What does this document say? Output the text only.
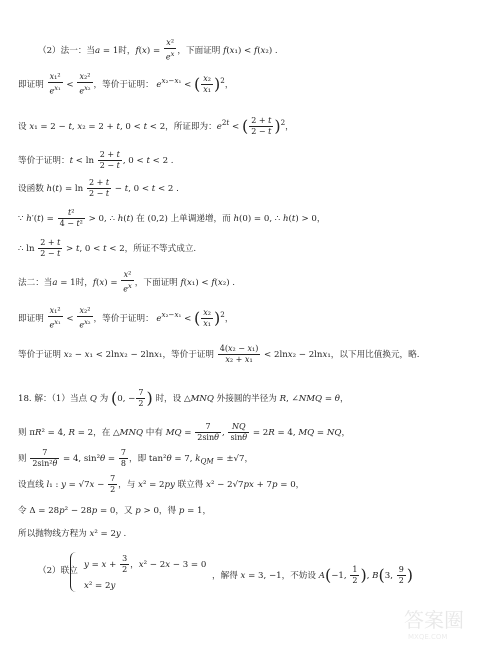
（2）法一：当a = 1时，$f(x) = \frac{\text{x²}}{e^x}$ ，下面证明 f(x₁) < f(x₂) .
即证明 $\frac{\text{x₁²}}{e^{x_1}} < \frac{\text{x₂²}}{e^{x_2}}$ ，等价于证明： $e^{x_2-x_1}$ < ( $\frac{\text{x₂}}{\text{x₁}} )^2$，
设 x₁ = 2 − t, x₂ = 2 + t, 0 < t < 2，所证即为：$e^{2t}$ < ( $\frac{2 + t}{2 - t} )^2$，
等价于证明：$t < \ln \frac{2 + t}{2 - t}$ , 0 < t < 2 .
设函数 $h(t) = \ln \frac{2 + t}{2 - t} - t$, 0 < t < 2 .
∵ $h'(t) = \frac{\text{t²}}{\text{4 − t²}} > 0$, ∴ h(t) 在 (0,2) 上单调递增，而 h(0) = 0, ∴ h(t) > 0，
∴ $\ln \frac{2 + t}{2 - t} > t$, 0 < t < 2，所证不等式成立.
法二：当a = 1时，$f(x) = \frac{\text{x²}}{e^x}$ ，下面证明 f(x₁) < f(x₂) .
即证明 $\frac{\text{x₁²}}{e^{x_1}} < \frac{\text{x₂²}}{e^{x_2}}$ ，等价于证明： $e^{x_2-x_1}$ < ( $\frac{\text{x₂}}{\text{x₁}} )^2$，
等价于证明 x₂ − x₁ < 2lnx₂ − 2lnx₁，等价于证明 $\frac{\text{4(x₂ − x₁)}}{\text{x₂ + x₁}} < 2\ln x_2 - 2\ln x_1$，以下用比值换元，略.
18. 解：（1）当点 Q 为 (0, − $\frac{7}{2}$ ) 时，设 △MNQ 外接圆的半径为 R, ∠NMQ = θ，
则 πR² = 4, R = 2，在 △MNQ 中有 MQ = $\frac{7}{2\sin\theta}$ , $\frac{NQ}{\sin\theta} = 2R = 4$, MQ = NQ，
则 $\frac{7}{\text{2sin²θ}} = 4$, $\sin^2\theta = \frac{7}{8}$ ，即 tan²θ = 7, $k_{QM} = \pm√7$，
设直线 l₁ : $y = √7x - \frac{7}{2}$ ，与 x² = 2py 联立得 x² − 2√7px + 7p = 0，
令 Δ = 28p² − 28p = 0，又 p > 0，得 p = 1，
所以抛物线方程为 x² = 2y .
（2）联立
$y = x + \frac{3}{2}$ ，x² − 2x − 3 = 0
x² = 2y
，解得 x = 3, −1，不妨设 A(−1, $\frac{1}{2}$ ), B(3, $\frac{9}{2}$ )
答案圈
MXQE.COM
